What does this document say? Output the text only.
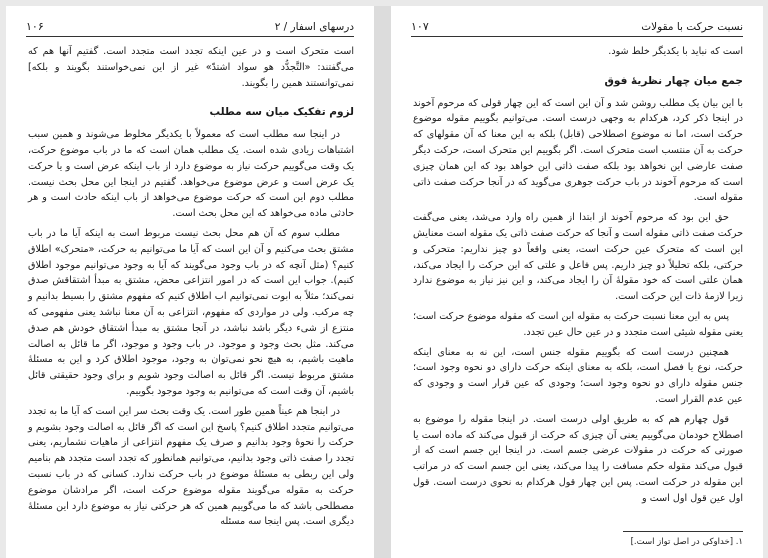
درسهای اسفار / ۲
۱۰۶

است متحرک است و در عین اینکه تجدد است متجدد است. گفتیم آنها هم که می‌گفتند: «التَّجدُّد هو سواد اشتدّ» غیر از این نمی‌خواستند بگویند و بلکه] نمی‌توانستند همین را بگویند.

لزوم تفکیک میان سه مطلب

در اینجا سه مطلب است که معمولاً با یکدیگر مخلوط می‌شوند و همین سبب اشتباهات زیادی شده است. یک مطلب همان است که ما در باب موضوع حرکت، یک وقت می‌گوییم حرکت نیاز به موضوع دارد از باب اینکه عرض است و یا حرکت یک عرض است و عرض موضوع می‌خواهد. گفتیم در اینجا این محل بحث نیست. مطلب دوم این است که حرکت موضوع می‌خواهد از باب اینکه حادث است و هر حادثی ماده می‌خواهد که این محل بحث است.

مطلب سوم که آن هم محل بحث نیست مربوط است به اینکه آیا ما در باب مشتق بحث می‌کنیم و آن این است که آیا ما می‌توانیم به حرکت، «متحرک» اطلاق کنیم؟ (مثل آنچه که در باب وجود می‌گویند که آیا به وجود می‌توانیم موجود اطلاق کنیم). جواب این است که در امور انتزاعی محض، مشتق به مبدأ اشتقاقش صدق نمی‌کند؛ مثلاً به ابوت نمی‌توانیم اب اطلاق کنیم که مفهوم مشتق را بسیط بدانیم و چه مرکب. ولی در مواردی که مفهوم، انتزاعی به آن معنا نباشد یعنی مفهومی که منتزع از شیء دیگر باشد نباشد، در آنجا مشتق به مبدأ اشتقاق خودش هم صدق می‌کند. مثل بحث وجود و موجود. در باب وجود و موجود، اگر ما قائل به اصالت ماهیت باشیم، به هیچ نحو نمی‌توان به وجود، موجود اطلاق کرد و این به مسئلهٔ مشتق مربوط نیست. اگر قائل به اصالت وجود شویم و برای وجود حقیقتی قائل باشیم، آن وقت است که می‌توانیم به وجود موجود بگوییم.

در اینجا هم عیناً همین طور است. یک وقت بحث سر این است که آیا ما به تجدد می‌توانیم متجدد اطلاق کنیم؟ پاسخ این است که اگر قائل به اصالت وجود بشویم و حرکت را نحوهٔ وجود بدانیم و صرف یک مفهوم انتزاعی از ماهیات نشماریم، یعنی تجدد را صفت ذاتی وجود بدانیم، می‌توانیم همانطور که تجدد است متجدد هم بنامیم ولی این ربطی به مسئلهٔ موضوع در باب حرکت ندارد. کسانی که در باب نسبت حرکت به مقوله می‌گویند مقوله موضوع حرکت است، اگر مرادشان موضوع مصطلحی باشد که ما می‌گوییم همین که هر حرکتی نیاز به موضوع دارد این مسئلهٔ دیگری است. پس اینجا سه مسئله

نسبت حرکت با مقولات
۱۰۷

است که نباید با یکدیگر خلط شود.

جمع میان چهار نظریهٔ فوق

با این بیان یک مطلب روشن شد و آن این است که این چهار قولی که مرحوم آخوند در اینجا ذکر کرد، هرکدام به وجهی درست است. می‌توانیم بگوییم مقوله موضوع حرکت است، اما نه موضوع اصطلاحی (قابل) بلکه به این معنا که آن مقولهای که حرکت به آن منتسب است متحرک است. اگر بگوییم این متحرک است، حرکت دیگر صفت عارضی این نخواهد بود بلکه صفت ذاتی این خواهد بود که این همان چیزی است که مرحوم آخوند در باب حرکت جوهری می‌گوید که در آنجا حرکت صفت ذاتی مقوله است.

حق این بود که مرحوم آخوند از ابتدا از همین راه وارد می‌شد، یعنی می‌گفت حرکت صفت ذاتی مقوله است و آنجا که حرکت صفت ذاتی یک مقوله است معنایش این است که متحرک عین حرکت است، یعنی واقعاً دو چیز نداریم: متحرکی و حرکتی، بلکه تحلیلاً دو چیز داریم. پس فاعل و علتی که این حرکت را ایجاد می‌کند، همان علتی است که خود مقولهٔ آن را ایجاد می‌کند، و این نیز نیاز به موضوع ندارد زیرا لازمهٔ ذات این حرکت است.

پس به این معنا نسبت حرکت به مقوله این است که مقوله موضوع حرکت است؛ یعنی مقوله شیئی است متجدد و در عین حال عین تجدد.

همچنین درست است که بگوییم مقوله جنس است، این نه به معنای اینکه حرکت، نوع یا فصل است، بلکه به معنای اینکه حرکت دارای دو نحوه وجود است؛ جنس مقوله دارای دو نحوه وجود است؛ وجودی که عین قرار است و وجودی که عین عدم القرار است.

قول چهارم هم که به طریق اولی درست است. در اینجا مقوله را موضوع به اصطلاح خودمان می‌گوییم یعنی آن چیزی که حرکت از قبول می‌کند که ماده است یا صورتی که حرکت در مقولات عرضی جسم است. در اینجا این جسم است که از قبول می‌کند مقوله حکم مسافت را پیدا می‌کند، یعنی این جسم است که در مراتب این مقوله در حرکت است. پس این چهار قول هرکدام به نحوی درست است. قول اول عین قول اول است و

۱. [خداوکی در اصل تواز است.]
